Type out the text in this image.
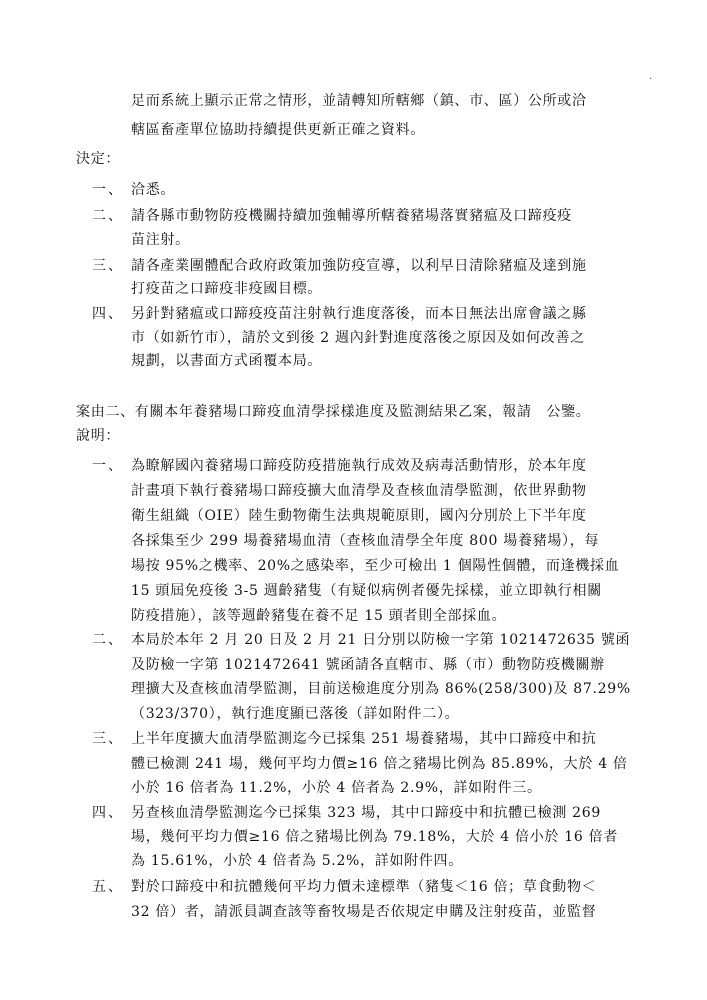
足而系統上顯示正常之情形，並請轉知所轄鄉（鎮、市、區）公所或洽
轄區畜產單位協助持續提供更新正確之資料。
決定：
一、 洽悉。
二、 請各縣市動物防疫機關持續加強輔導所轄養豬場落實豬瘟及口蹄疫疫
苗注射。
三、 請各產業團體配合政府政策加強防疫宣導，以利早日清除豬瘟及達到施
打疫苗之口蹄疫非疫國目標。
四、 另針對豬瘟或口蹄疫疫苗注射執行進度落後，而本日無法出席會議之縣
市（如新竹市），請於文到後 2 週內針對進度落後之原因及如何改善之
規劃，以書面方式函覆本局。
案由二、有關本年養豬場口蹄疫血清學採樣進度及監測結果乙案，報請　公鑒。
說明：
一、 為瞭解國內養豬場口蹄疫防疫措施執行成效及病毒活動情形，於本年度
計畫項下執行養豬場口蹄疫擴大血清學及查核血清學監測，依世界動物
衛生組織（OIE）陸生動物衛生法典規範原則，國內分別於上下半年度
各採集至少 299 場養豬場血清（查核血清學全年度 800 場養豬場），每
場按 95%之機率、20%之感染率，至少可檢出 1 個陽性個體，而逢機採血
15 頭屆免疫後 3-5 週齡豬隻（有疑似病例者優先採樣，並立即執行相關
防疫措施），該等週齡豬隻在養不足 15 頭者則全部採血。
二、 本局於本年 2 月 20 日及 2 月 21 日分別以防檢一字第 1021472635 號函
及防檢一字第 1021472641 號函請各直轄市、縣（市）動物防疫機關辦
理擴大及查核血清學監測，目前送檢進度分別為 86%(258/300)及 87.29%
（323/370），執行進度顯已落後（詳如附件二）。
三、 上半年度擴大血清學監測迄今已採集 251 場養豬場，其中口蹄疫中和抗
體已檢測 241 場，幾何平均力價≥16 倍之豬場比例為 85.89%，大於 4 倍
小於 16 倍者為 11.2%，小於 4 倍者為 2.9%，詳如附件三。
四、 另查核血清學監測迄今已採集 323 場，其中口蹄疫中和抗體已檢測 269
場，幾何平均力價≥16 倍之豬場比例為 79.18%，大於 4 倍小於 16 倍者
為 15.61%，小於 4 倍者為 5.2%，詳如附件四。
五、 對於口蹄疫中和抗體幾何平均力價未達標準（豬隻＜16 倍；草食動物＜
32 倍）者，請派員調查該等畜牧場是否依規定申購及注射疫苗，並監督
·
